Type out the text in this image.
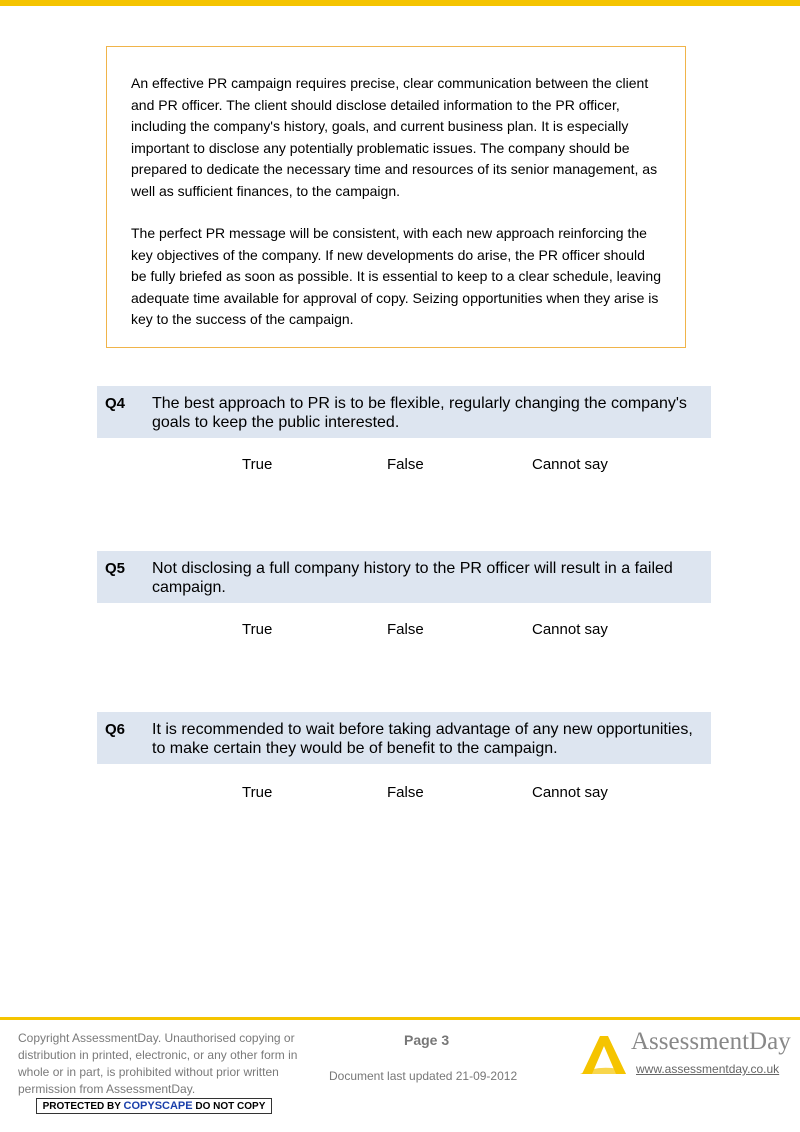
An effective PR campaign requires precise, clear communication between the client and PR officer. The client should disclose detailed information to the PR officer, including the company's history, goals, and current business plan. It is especially important to disclose any potentially problematic issues. The company should be prepared to dedicate the necessary time and resources of its senior management, as well as sufficient finances, to the campaign.

The perfect PR message will be consistent, with each new approach reinforcing the key objectives of the company. If new developments do arise, the PR officer should be fully briefed as soon as possible. It is essential to keep to a clear schedule, leaving adequate time available for approval of copy. Seizing opportunities when they arise is key to the success of the campaign.

Q4 The best approach to PR is to be flexible, regularly changing the company's goals to keep the public interested.
True	False	Cannot say
Q5 Not disclosing a full company history to the PR officer will result in a failed campaign.
True	False	Cannot say
Q6 It is recommended to wait before taking advantage of any new opportunities, to make certain they would be of benefit to the campaign.
True	False	Cannot say
Copyright AssessmentDay. Unauthorised copying or distribution in printed, electronic, or any other form in whole or in part, is prohibited without prior written permission from AssessmentDay.
PROTECTED BY COPYSCAPE DO NOT COPY
Page 3
Document last updated 21-09-2012
AssessmentDay
www.assessmentday.co.uk
